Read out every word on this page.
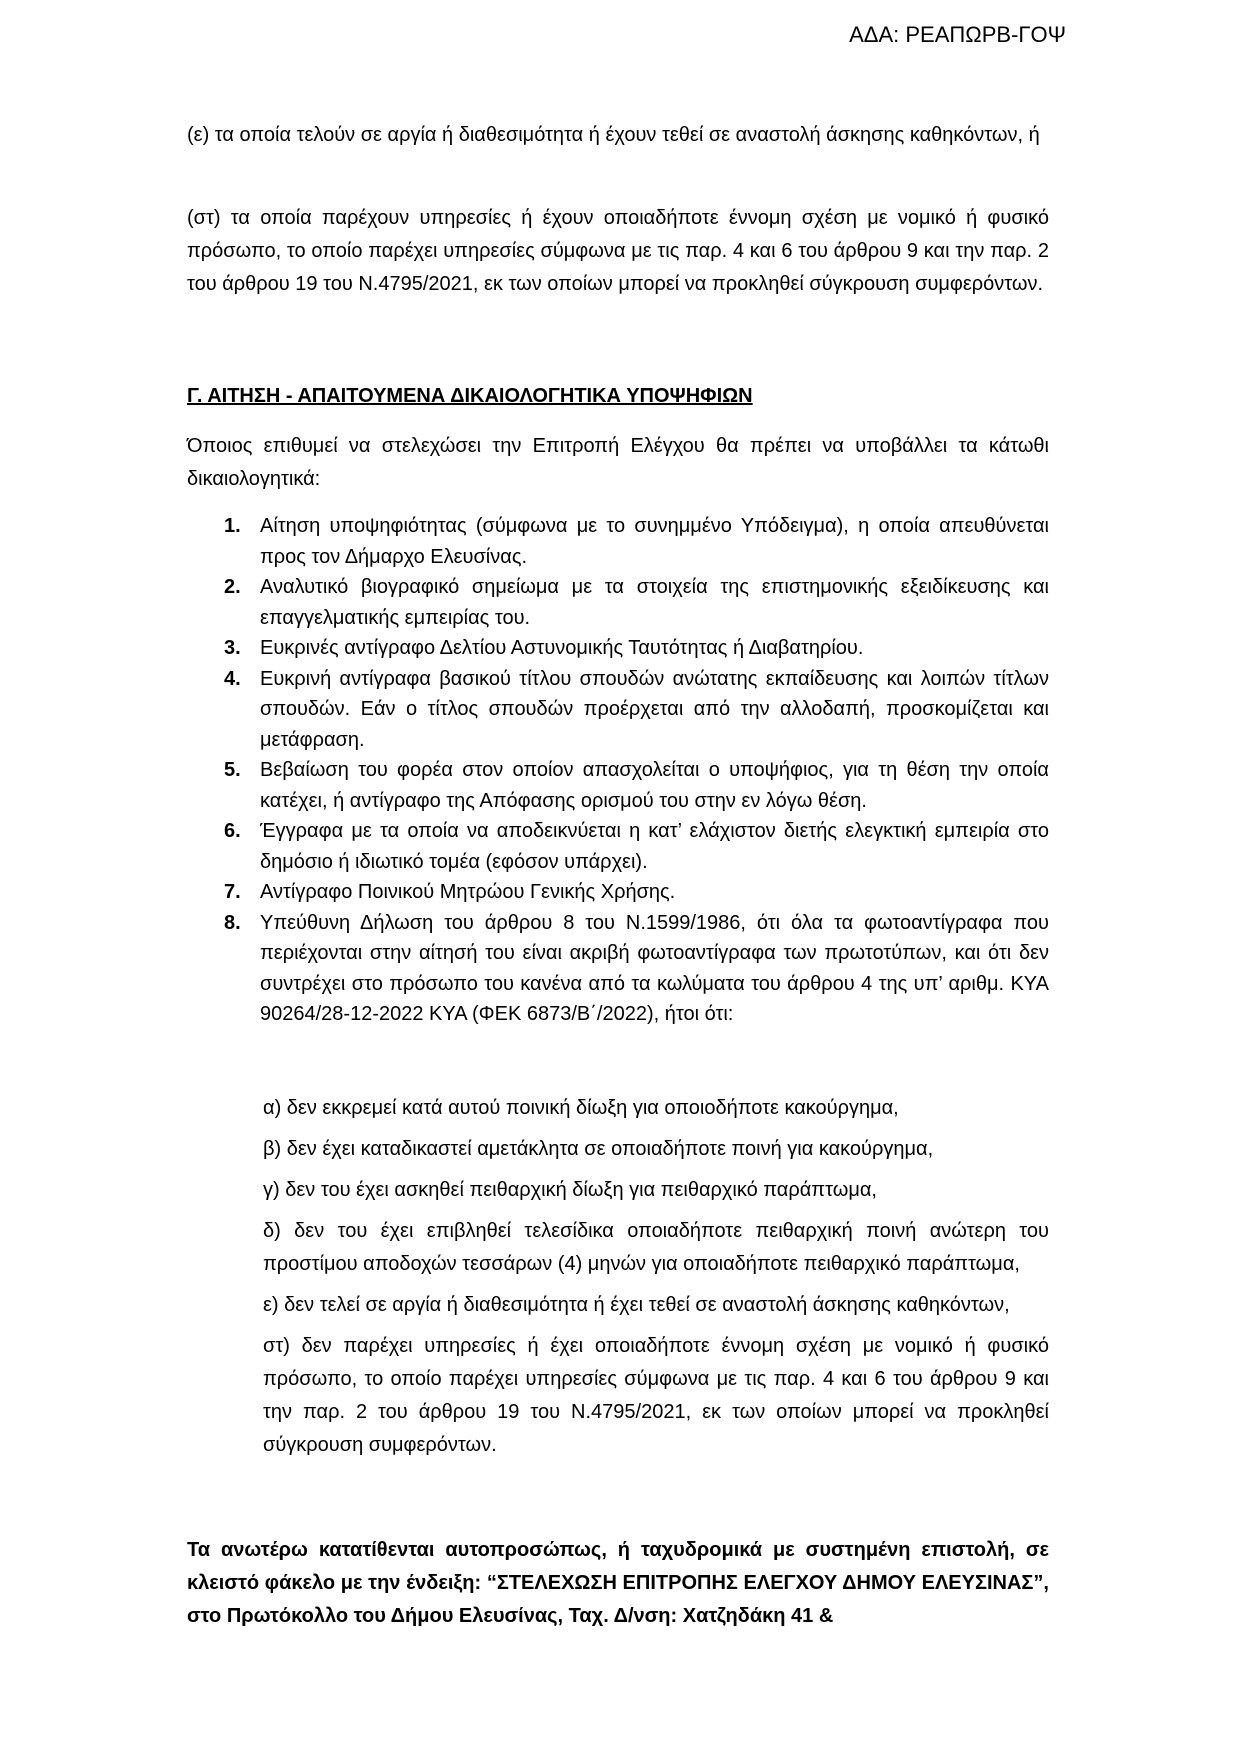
ΑΔΑ: ΡΕΑΠΩΡΒ-ΓΟΨ

(ε) τα οποία τελούν σε αργία ή διαθεσιμότητα ή έχουν τεθεί σε αναστολή άσκησης καθηκόντων, ή

(στ) τα οποία παρέχουν υπηρεσίες ή έχουν οποιαδήποτε έννομη σχέση με νομικό ή φυσικό πρόσωπο, το οποίο παρέχει υπηρεσίες σύμφωνα με τις παρ. 4 και 6 του άρθρου 9 και την παρ. 2 του άρθρου 19 του Ν.4795/2021, εκ των οποίων μπορεί να προκληθεί σύγκρουση συμφερόντων.

Γ. ΑΙΤΗΣΗ - ΑΠΑΙΤΟΥΜΕΝΑ ΔΙΚΑΙΟΛΟΓΗΤΙΚΑ ΥΠΟΨΗΦΙΩΝ

Όποιος επιθυμεί να στελεχώσει την Επιτροπή Ελέγχου θα πρέπει να υποβάλλει τα κάτωθι δικαιολογητικά:

1. Αίτηση υποψηφιότητας (σύμφωνα με το συνημμένο Υπόδειγμα), η οποία απευθύνεται προς τον Δήμαρχο Ελευσίνας.
2. Αναλυτικό βιογραφικό σημείωμα με τα στοιχεία της επιστημονικής εξειδίκευσης και επαγγελματικής εμπειρίας του.
3. Ευκρινές αντίγραφο Δελτίου Αστυνομικής Ταυτότητας ή Διαβατηρίου.
4. Ευκρινή αντίγραφα βασικού τίτλου σπουδών ανώτατης εκπαίδευσης και λοιπών τίτλων σπουδών. Εάν ο τίτλος σπουδών προέρχεται από την αλλοδαπή, προσκομίζεται και μετάφραση.
5. Βεβαίωση του φορέα στον οποίον απασχολείται ο υποψήφιος, για τη θέση την οποία κατέχει, ή αντίγραφο της Απόφασης ορισμού του στην εν λόγω θέση.
6. Έγγραφα με τα οποία να αποδεικνύεται η κατ’ ελάχιστον διετής ελεγκτική εμπειρία στο δημόσιο ή ιδιωτικό τομέα (εφόσον υπάρχει).
7. Αντίγραφο Ποινικού Μητρώου Γενικής Χρήσης.
8. Υπεύθυνη Δήλωση του άρθρου 8 του Ν.1599/1986, ότι όλα τα φωτοαντίγραφα που περιέχονται στην αίτησή του είναι ακριβή φωτοαντίγραφα των πρωτοτύπων, και ότι δεν συντρέχει στο πρόσωπο του κανένα από τα κωλύματα του άρθρου 4 της υπ’ αριθμ. ΚΥΑ 90264/28-12-2022 ΚΥΑ (ΦΕΚ 6873/Β΄/2022), ήτοι ότι:

α) δεν εκκρεμεί κατά αυτού ποινική δίωξη για οποιοδήποτε κακούργημα,

β) δεν έχει καταδικαστεί αμετάκλητα σε οποιαδήποτε ποινή για κακούργημα,

γ) δεν του έχει ασκηθεί πειθαρχική δίωξη για πειθαρχικό παράπτωμα,

δ) δεν του έχει επιβληθεί τελεσίδικα οποιαδήποτε πειθαρχική ποινή ανώτερη του προστίμου αποδοχών τεσσάρων (4) μηνών για οποιαδήποτε πειθαρχικό παράπτωμα,

ε) δεν τελεί σε αργία ή διαθεσιμότητα ή έχει τεθεί σε αναστολή άσκησης καθηκόντων,

στ) δεν παρέχει υπηρεσίες ή έχει οποιαδήποτε έννομη σχέση με νομικό ή φυσικό πρόσωπο, το οποίο παρέχει υπηρεσίες σύμφωνα με τις παρ. 4 και 6 του άρθρου 9 και την παρ. 2 του άρθρου 19 του Ν.4795/2021, εκ των οποίων μπορεί να προκληθεί σύγκρουση συμφερόντων.

Τα ανωτέρω κατατίθενται αυτοπροσώπως, ή ταχυδρομικά με συστημένη επιστολή, σε κλειστό φάκελο με την ένδειξη: “ΣΤΕΛΕΧΩΣΗ ΕΠΙΤΡΟΠΗΣ ΕΛΕΓΧΟΥ ΔΗΜΟΥ ΕΛΕΥΣΙΝΑΣ”, στο Πρωτόκολλο του Δήμου Ελευσίνας, Ταχ. Δ/νση: Χατζηδάκη 41 &
